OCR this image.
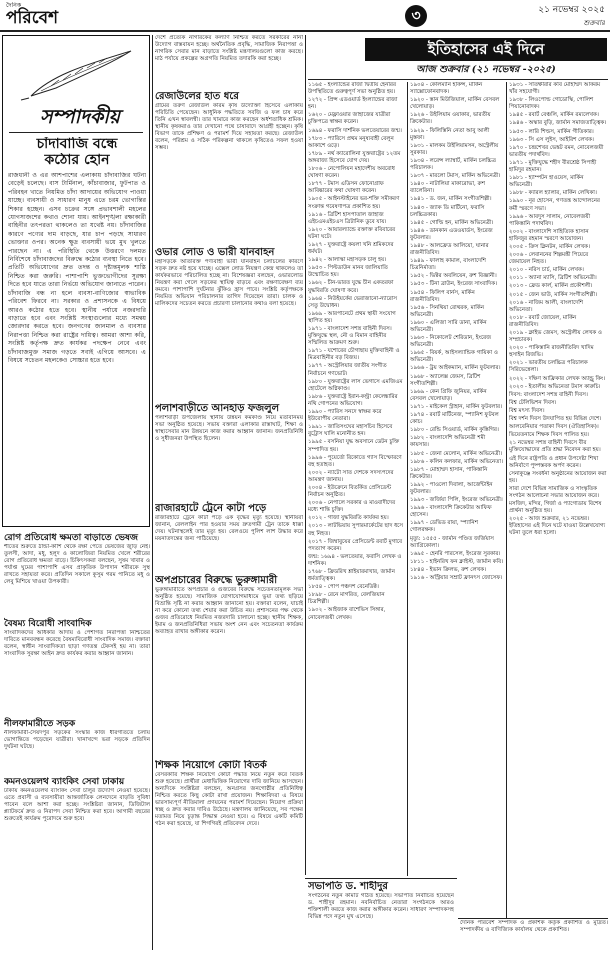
দৈনিক
পরিবেশ	৩	২১ নভেম্বর ২০২৫
শুক্রবার
সম্পাদকীয়
চাঁদাবাজি বন্ধে
কঠোর হোন
রাজধানী ও এর আশপাশের এলাকায় চাঁদাবাজির ঘটনা বেড়েই চলেছে। বাস টার্মিনাল, কাঁচাবাজার, ফুটপাত ও পরিবহন খাতে নিয়মিত চাঁদা আদায়ের অভিযোগ পাওয়া যাচ্ছে। ব্যবসায়ী ও সাধারণ মানুষ এতে চরম ভোগান্তির শিকার হচ্ছেন। এসব চক্রের সঙ্গে প্রভাবশালী মহলের যোগসাজশের কথাও শোনা যায়। আইনশৃঙ্খলা রক্ষাকারী বাহিনীর তৎপরতা থাকলেও তা যথেষ্ট নয়। চাঁদাবাজির কারণে পণ্যের দাম বাড়ছে, যার চাপ পড়ছে সাধারণ ভোক্তার ওপর। অনেক ক্ষুদ্র ব্যবসায়ী ভয়ে মুখ খুলতে পারছেন না। এ পরিস্থিতি থেকে উত্তরণে দলমত নির্বিশেষে চাঁদাবাজদের বিরুদ্ধে কঠোর ব্যবস্থা নিতে হবে। প্রতিটি অভিযোগের দ্রুত তদন্ত ও দৃষ্টান্তমূলক শাস্তি নিশ্চিত করা জরুরি। পাশাপাশি ভুক্তভোগীদের সুরক্ষা দিতে হবে যাতে তারা নির্ভয়ে অভিযোগ জানাতে পারেন। চাঁদাবাজি বন্ধ না হলে ব্যবসা-বাণিজ্যের স্বাভাবিক পরিবেশ ফিরবে না। সরকার ও প্রশাসনকে এ বিষয়ে আরও কঠোর হতে হবে। স্থানীয় পর্যায়ে নজরদারি বাড়াতে হবে এবং সংশ্লিষ্ট সংস্থাগুলোর মধ্যে সমন্বয় জোরদার করতে হবে। জনগণের জানমাল ও ব্যবসার নিরাপত্তা নিশ্চিত করা রাষ্ট্রের দায়িত্ব। আমরা আশা করি, সংশ্লিষ্ট কর্তৃপক্ষ দ্রুত কার্যকর পদক্ষেপ নেবে এবং চাঁদাবাজমুক্ত সমাজ গড়তে সবাই এগিয়ে আসবে। এ বিষয়ে সচেতন মহলকেও সোচ্চার হতে হবে।
রোগ প্রতিরোধ ক্ষমতা বাড়াতে ভেষজ
শীতের শুরুতে ঠান্ডা-কাশি থেকে রক্ষা পেতে ভেষজের জুড়ি নেই। তুলসী, আদা, মধু, হলুদ ও কালোজিরা নিয়মিত খেলে শরীরের রোগ প্রতিরোধ ক্ষমতা বাড়ে। চিকিৎসকরা বলছেন, সুষম খাবার ও পর্যাপ্ত ঘুমের পাশাপাশি এসব প্রাকৃতিক উপাদান শরীরকে সুস্থ রাখতে সহায়তা করে। প্রতিদিন সকালে কুসুম গরম পানিতে মধু ও লেবু মিশিয়ে খাওয়া উপকারী।
বৈষম্য বিরোধী সাংবাদিক
সাংবাদিকদের অধিকার আদায় ও পেশাগত নিরাপত্তা নিশ্চিতের দাবিতে মানববন্ধন করেছে বৈষম্যবিরোধী সাংবাদিক সমাজ। বক্তারা বলেন, স্বাধীন সাংবাদিকতা ছাড়া গণতন্ত্র টেকসই হয় না। তারা সাংবাদিক সুরক্ষা আইন দ্রুত কার্যকর করার আহ্বান জানান।
নীলফামারীতে সড়ক
নীলফামারী-সৈয়দপুর সড়কের সংস্কার কাজ ধীরগতিতে চলায় ভোগান্তিতে পড়েছেন যাত্রীরা। খানাখন্দে ভরা সড়কে প্রতিদিন দুর্ঘটনা ঘটছে।
কমনওয়েলথ ব্যাংকিং সেবা ঢাকায়
ঢাকায় কমনওয়েলথ ব্যাংকিং সেবা চালুর উদ্যোগ নেওয়া হয়েছে। এতে প্রবাসী ও ব্যবসায়ীরা আন্তর্জাতিক লেনদেনে বাড়তি সুবিধা পাবেন বলে আশা করা হচ্ছে। সংশ্লিষ্টরা জানান, ডিজিটাল প্ল্যাটফর্মে দ্রুত ও নিরাপদ সেবা নিশ্চিত করা হবে। আগামী বছরের শুরুতেই কার্যক্রম পুরোদমে শুরু হবে।
দেশে প্রত্যেক নাগরিকের কল্যাণ নিশ্চিত করতে সরকারের নানা উদ্যোগ বাস্তবায়ন হচ্ছে। অর্থনৈতিক প্রবৃদ্ধি, সামাজিক নিরাপত্তা ও নাগরিক সেবার মান বাড়াতে সংশ্লিষ্ট মন্ত্রণালয়গুলো কাজ করছে। মাঠ পর্যায়ে প্রকল্পের অগ্রগতি নিয়মিত তদারকি করা হচ্ছে।
রেজাউলের হাত ধরে
গ্রামের তরুণ রেজাউল করিম কৃষি উদ্যোক্তা হিসেবে এলাকায় পরিচিতি পেয়েছেন। আধুনিক পদ্ধতিতে সবজি ও ফল চাষ করে তিনি এখন স্বাবলম্বী। তার খামারে কাজ করছেন অর্ধশতাধিক শ্রমিক। স্থানীয় কৃষকরাও তার দেখানো পথে চাষাবাদে আগ্রহী হচ্ছেন। কৃষি বিভাগ তাকে প্রশিক্ষণ ও পরামর্শ দিয়ে সহায়তা করছে। রেজাউল বলেন, পরিশ্রম ও সঠিক পরিকল্পনা থাকলে কৃষিতেও সফল হওয়া সম্ভব।
ওভার লোড ও ভারী যানবাহন
মহাসড়কে অতিরিক্ত পণ্যবাহী ভারী যানবাহন চলাচলের কারণে সড়ক দ্রুত নষ্ট হয়ে যাচ্ছে। এক্সেল লোড নিয়ন্ত্রণ কেন্দ্র থাকলেও তা কার্যকরভাবে পরিচালিত হচ্ছে না। বিশেষজ্ঞরা বলছেন, ওভারলোড নিয়ন্ত্রণ করা গেলে সড়কের স্থায়িত্ব বাড়বে এবং রক্ষণাবেক্ষণ ব্যয় কমবে। পাশাপাশি দুর্ঘটনার ঝুঁকিও হ্রাস পাবে। সংশ্লিষ্ট কর্তৃপক্ষকে নিয়মিত অভিযান পরিচালনার তাগিদ দিয়েছেন তারা। চালক ও মালিকদের সচেতন করতে প্রচারণা চালানোর কথাও বলা হয়েছে।
পলাশবাড়ীতে আনহাড় ফজলুল
পলাশবাড়ী উপজেলায় স্থানীয় উন্নয়ন কর্মকাণ্ড নিয়ে মতবিনিময় সভা অনুষ্ঠিত হয়েছে। সভায় বক্তারা এলাকার রাস্তাঘাট, শিক্ষা ও স্বাস্থ্যসেবার মান উন্নয়নে কাজ করার আহ্বান জানান। জনপ্রতিনিধি ও সুধীজনরা উপস্থিত ছিলেন।
রাজারহাটে ট্রেনে কাটা পড়ে
রাজারহাটে ট্রেনে কাটা পড়ে এক বৃদ্ধের মৃত্যু হয়েছে। স্থানীয়রা জানান, রেললাইন পার হওয়ার সময় দ্রুতগামী ট্রেন তাকে ধাক্কা দেয়। ঘটনাস্থলেই তার মৃত্যু হয়। রেলওয়ে পুলিশ লাশ উদ্ধার করে ময়নাতদন্তের জন্য পাঠিয়েছে।
অপপ্রচারের বিরুদ্ধে ভুরুঙ্গামারী
ভুরুঙ্গামারীতে অপপ্রচার ও গুজবের বিরুদ্ধে সচেতনতামূলক সভা অনুষ্ঠিত হয়েছে। সামাজিক যোগাযোগমাধ্যমে ভুয়া তথ্য ছড়িয়ে বিভ্রান্তি সৃষ্টি না করার আহ্বান জানানো হয়। বক্তারা বলেন, যাচাই না করে কোনো তথ্য শেয়ার করা উচিত নয়। প্রশাসনের পক্ষ থেকে গুজব প্রতিরোধে নিয়মিত নজরদারি চালানো হচ্ছে। স্থানীয় শিক্ষক, ইমাম ও জনপ্রতিনিধিরা সভায় অংশ নেন এবং সচেতনতা কার্যক্রম অব্যাহত রাখার অঙ্গীকার করেন।
শিক্ষক নিয়োগে কোটা বিতর্ক
বেসরকারি শিক্ষক নিয়োগে কোটা পদ্ধতি নিয়ে নতুন করে বিতর্ক শুরু হয়েছে। প্রার্থীরা মেধাভিত্তিক নিয়োগের দাবি জানিয়ে আসছেন। অন্যদিকে সংশ্লিষ্টরা বলছেন, অনগ্রসর জনগোষ্ঠীর প্রতিনিধিত্ব নিশ্চিত করতে কিছু কোটা রাখা প্রয়োজন। শিক্ষাবিদরা এ বিষয়ে ভারসাম্যপূর্ণ নীতিমালা প্রণয়নের পরামর্শ দিয়েছেন। নিয়োগ প্রক্রিয়া স্বচ্ছ ও দ্রুত করার দাবিও উঠেছে। মন্ত্রণালয় জানিয়েছে, সব পক্ষের মতামত নিয়ে চূড়ান্ত সিদ্ধান্ত নেওয়া হবে। এ বিষয়ে একটি কমিটি গঠন করা হয়েছে, যা শিগগিরই প্রতিবেদন দেবে।
সভাপতি ড. শাহীদুর
সংগঠনের নতুন কমিটি গঠিত হয়েছে। সভাপতি নির্বাচিত হয়েছেন ড. শাহীদুর রহমান। নবনির্বাচিত নেতারা সংগঠনকে আরও শক্তিশালী করতে কাজ করার অঙ্গীকার করেন। সাধারণ সম্পাদকসহ বিভিন্ন পদে নতুন মুখ এসেছে।
দৈনিক পরিবেশ সম্পাদক ও প্রকাশক কর্তৃক প্রকাশিত ও মুদ্রিত। সম্পাদকীয় ও বাণিজ্যিক কার্যালয় থেকে প্রকাশিত।
ইতিহাসের এই দিনে
আজ শুক্রবার (২১ নভেম্বর -২০২৫)
১১৬৫ - ইংল্যান্ডের রাজা দ্বিতীয় হেনরির উপস্থিতিতে গুরুত্বপূর্ণ সভা অনুষ্ঠিত হয়।
১২৭২ - প্রিন্স এডওয়ার্ড ইংল্যান্ডের রাজা হন।
১৬২০ - মেফ্লাওয়ার জাহাজের যাত্রীরা চুক্তিপত্রে স্বাক্ষর করেন।
১৬৯৪ - ফরাসি দার্শনিক ভলতেয়ারের জন্ম।
১৭৮৩ - প্যারিসে প্রথম মনুষ্যবাহী বেলুন আকাশে ওড়ে।
১৭৮৯ - নর্থ ক্যারোলিনা যুক্তরাষ্ট্রের ১২তম অঙ্গরাজ্য হিসেবে যোগ দেয়।
১৮০৬ - নেপোলিয়ন মহাদেশীয় অবরোধ ঘোষণা করেন।
১৮৭৭ - টমাস এডিসন ফোনোগ্রাফ আবিষ্কারের কথা ঘোষণা করেন।
১৯০৫ - আইনস্টাইনের ভর-শক্তি সমীকরণ সংক্রান্ত গবেষণাপত্র প্রকাশিত হয়।
১৯১৬ - ব্রিটিশ হাসপাতাল জাহাজ এইচএমএইচএস ব্রিটানিক ডুবে যায়।
১৯২০ - আয়ারল্যান্ডে রক্তাক্ত রবিবারের ঘটনা ঘটে।
১৯২৭ - যুক্তরাষ্ট্রে কয়লা খনি শ্রমিকদের ধর্মঘট।
১৯৪২ - আলাস্কা মহাসড়ক চালু হয়।
১৯৫৩ - পিল্টডাউন মানব জালিয়াতি উন্মোচিত হয়।
১৯৬২ - চীন-ভারত যুদ্ধে চীন একতরফা যুদ্ধবিরতি ঘোষণা করে।
১৯৬৪ - নিউইয়র্কের ভেরাজানো-ন্যারোস সেতু উদ্বোধন।
১৯৬৯ - আরপানেটে প্রথম স্থায়ী সংযোগ স্থাপিত হয়।
১৯৭১ - বাংলাদেশ সশস্ত্র বাহিনী দিবস। মুক্তিযুদ্ধে স্থল, নৌ ও বিমান বাহিনীর সম্মিলিত আক্রমণ শুরু।
১৯৭১ - যশোরের চৌগাছায় মুক্তিবাহিনী ও মিত্রবাহিনীর বড় বিজয়।
১৯৭৭ - অস্ট্রেলিয়ার জাতীয় সংগীত নির্বাচনে গণভোট।
১৯৮০ - যুক্তরাষ্ট্রের লাস ভেগাসে এমজিএম হোটেলে অগ্নিকাণ্ড।
১৯৮৬ - যুক্তরাষ্ট্রে ইরান-কন্ট্রা কেলেঙ্কারির নথি গোপনের অভিযোগ।
১৯৯০ - প্যারিস সনদে স্বাক্ষর করে ইউরোপীয় নেতারা।
১৯৯১ - জাতিসংঘের মহাসচিব হিসেবে বুট্রোস ঘালি মনোনীত হন।
১৯৯৫ - বসনিয়া যুদ্ধ অবসানে ডেটন চুক্তি সম্পাদিত হয়।
১৯৯৬ - পুয়ের্তো রিকোতে গ্যাস বিস্ফোরণে বহু হতাহত।
২০০২ - ন্যাটো সাত দেশকে সদস্যপদের আমন্ত্রণ জানায়।
২০০৪ - ইউক্রেনে বিতর্কিত প্রেসিডেন্ট নির্বাচন অনুষ্ঠিত।
২০০৬ - নেপালে সরকার ও মাওবাদীদের মধ্যে শান্তি চুক্তি।
২০১২ - গাজা যুদ্ধবিরতি কার্যকর হয়।
২০১৩ - লাটভিয়ায় সুপারমার্কেটের ছাদ ধসে বহু নিহত।
২০১৭ - জিম্বাবুয়ের প্রেসিডেন্ট রবার্ট মুগাবে পদত্যাগ করেন।
জন্ম: ১৬৯৪ - ভলতেয়ার, ফরাসি লেখক ও দার্শনিক।
১৭৬৮ - ফ্রিডরিখ শ্লাইয়ারমাখার, জার্মান ধর্মতাত্ত্বিক।
১৮৫৪ - পোপ পঞ্চদশ বেনেডিক্ট।
১৮৯৮ - রেনে মাগরিত, বেলজিয়ান চিত্রশিল্পী।
১৯০২ - আইজাক বাশেভিস সিঙ্গার, নোবেলজয়ী লেখক।
১৯০৪ - কোলম্যান হকিন্স, মার্কিন স্যাক্সোফোনবাদক।
১৯২০ - স্তান মিউজিয়াল, মার্কিন বেসবল খেলোয়াড়।
১৯২৬ - উইলিয়াম ওয়াকার, ভারতীয় ক্রিকেটার।
১৯২৯ - ফিলিস্তিনি নেতা আবু আলী মুস্তফা।
১৯৩১ - মালকম উইলিয়ামসন, অস্ট্রেলীয় সুরকার।
১৯৩৪ - লরেন্স ল্যাম্বার্ট, মার্কিন চলচ্চিত্র পরিচালক।
১৯৩৭ - মারলো টমাস, মার্কিন অভিনেত্রী।
১৯৪০ - নাটালিয়া মাকারোভা, রুশ ব্যালেরিনা।
১৯৪১ - ড. জন, মার্কিন সংগীতশিল্পী।
১৯৪৩ - জ্যাক ডি মার্টিনো, ফরাসি চলচ্চিত্রকার।
১৯৪৫ - গোল্ডি হন, মার্কিন অভিনেত্রী।
১৯৪৬ - ডানকান এডওয়ার্ডস, ইংরেজ ফুটবলার।
১৯৪৮ - আলফ্রেড আলিয়ো, ঘানার রাজনীতিবিদ।
১৯৪৯ - ফালাহ কামাল, বাংলাদেশি চিত্রনির্মাতা।
১৯৫২ - ভিক্টর অবলিয়েন, রুশ বিজ্ঞানী।
১৯৫৩ - টিনা ব্রাউন, ইংরেজ সাংবাদিক।
১৯৫৪ - ফিলিপ বার্নস, মার্কিন রাজনীতিবিদ।
১৯৫৬ - সিনথিয়া রোথরক, মার্কিন অভিনেত্রী।
১৯৬০ - এলিজা সারি ডানা, মার্কিন অভিনেত্রী।
১৯৬৩ - নিকোলেট শেরিডান, ইংরেজ অভিনেত্রী।
১৯৬৫ - বিয়র্ক, আইসল্যান্ডিক গায়িকা ও অভিনেত্রী।
১৯৬৬ - ট্রয় আইকম্যান, মার্কিন ফুটবলার।
১৯৬৮ - অ্যালেক্স জেমস, ব্রিটিশ সংগীতশিল্পী।
১৯৬৯ - কেন গ্রিফি জুনিয়র, মার্কিন বেসবল খেলোয়াড়।
১৯৭১ - মাইকেল স্ট্রাহান, মার্কিন ফুটবলার।
১৯৭৪ - রবার্ট মার্টিনেজ, স্প্যানিশ ফুটবল কোচ।
১৯৮০ - রেন্ডি সিওয়ার্ড, মার্কিন কুস্তিগির।
১৯৮২ - বাংলাদেশি অভিনেত্রী শমী কায়সার।
১৯৮৫ - জেনা মেলোন, মার্কিন অভিনেত্রী।
১৯৮৬ - কলিন কলফার, মার্কিন অভিনেতা।
১৯৮৭ - মোহাম্মদ হাসান, পাকিস্তানি ক্রিকেটার।
১৯৯২ - পাওলো দিবালা, আর্জেন্টাইন ফুটবলার।
১৯৯৩ - জর্জিয়া পিলি, ইংরেজ অভিনেত্রী।
১৯৯৬ - বাংলাদেশি ক্রিকেটার আফিফ হোসেন।
১৯৯৭ - ডেভিড রায়া, স্প্যানিশ গোলরক্ষক।
মৃত্যু: ১৫৫৫ - জার্মান পণ্ডিত জর্জিয়াস অ্যাগ্রিকোলা।
১৬৯৫ - হেনরি পারসেল, ইংরেজ সুরকার।
১৮১১ - হাইনরিখ ফন ক্লাইস্ট, জার্মান কবি।
১৮৪৪ - ইভান ক্রিলভ, রুশ লেখক।
১৯১৬ - অস্ট্রিয়ার সম্রাট ফ্রানৎস জোসেফ।
১৯৩১ - সাতক্ষীরার কবি মোহাম্মদ আকরম খাঁর সহযোগী।
১৯৩৮ - লিওপোল্ড গোডোস্কি, পোলিশ পিয়ানোবাদক।
১৯৪৫ - রবার্ট বেঞ্চলি, মার্কিন রম্যলেখক।
১৯৪৬ - অস্কার বুড়ি, জার্মান সমাজতাত্ত্বিক।
১৯৫৩ - লারি শিল্ডস, মার্কিন গীতিকার।
১৯৬৩ - সি এস লুইস, আইরিশ লেখক।
১৯৭০ - চন্দ্রশেখর ভেঙ্কট রমন, নোবেলজয়ী ভারতীয় পদার্থবিদ।
১৯৭১ - মুক্তিযুদ্ধে শহীদ বীরশ্রেষ্ঠ সিপাহী হামিদুর রহমান।
১৯৮১ - হ্যাম্পটন হাওয়েস, মার্কিন অভিনেত্রী।
১৯৮৮ - ক্যারল হ্যালার, মার্কিন লেখিকা।
১৯৯০ - নূর হোসেন, গণতন্ত্র আন্দোলনের কর্মী স্মরণে সভা।
১৯৯৬ - আবদুস সালাম, নোবেলজয়ী পাকিস্তানি পদার্থবিদ।
২০০২ - বাংলাদেশি সাহিত্যিক হাসান হাফিজুর রহমান স্মরণে আয়োজন।
২০০৫ - ক্রিস ক্লিনটন, মার্কিন লেখক।
২০০৬ - লেবাননের শিল্পমন্ত্রী পিয়েরে জেমায়েল নিহত।
২০১০ - নরিস চার্চ, মার্কিন লেখক।
২০১১ - অ্যানা ম্যাসি, ব্রিটিশ অভিনেত্রী।
২০১৩ - ফ্রেড কার্ল, মার্কিন প্রকৌশলী।
২০১৫ - জেন ভাউ, মার্কিন সংগীতশিল্পী।
২০১৬ - নাজিম আলী, বাংলাদেশি অভিনেতা।
২০১৮ - রবার্ট জোয়েল, মার্কিন রাজনীতিবিদ।
২০১৯ - ক্লাইভ জেমস, অস্ট্রেলীয় লেখক ও সম্প্রচারক।
২০২০ - পাকিস্তানি রাজনীতিবিদ খাদিম হুসাইন রিজভি।
২০২১ - ভারতীয় চলচ্চিত্র পরিচালক সিরিভেন্নেলা।
২০২২ - দক্ষিণ আফ্রিকার লেখক অ্যান্ড্রু কিং।
২০২৩ - ইতালীয় অভিনেতা টমাস কারুচি।
দিবস: বাংলাদেশ সশস্ত্র বাহিনী দিবস।
বিশ্ব টেলিভিশন দিবস।
বিশ্ব মৎস্য দিবস।
বিশ্ব দর্শন দিবস উদযাপিত হয় বিভিন্ন দেশে।
আলবেনিয়ার পতাকা দিবস (ঐতিহাসিক)।
ভিয়েতনামে শিক্ষক দিবস পালিত হয়।
২১ নভেম্বর সশস্ত্র বাহিনী দিবসে বীর মুক্তিযোদ্ধাদের প্রতি শ্রদ্ধা নিবেদন করা হয়।
এই দিনে রাষ্ট্রপতি ও প্রধান উপদেষ্টা শিখা অনির্বাণে পুষ্পস্তবক অর্পণ করেন।
সেনাকুঞ্জে সংবর্ধনা অনুষ্ঠানের আয়োজন করা হয়।
সারা দেশে বিভিন্ন সামাজিক ও সাংস্কৃতিক সংগঠন আলোচনা সভার আয়োজন করে।
মসজিদ, মন্দির, গির্জা ও প্যাগোডায় বিশেষ প্রার্থনা অনুষ্ঠিত হয়।
২০২৫ - আজ শুক্রবার, ২১ নভেম্বর। ইতিহাসের এই দিনে ঘটে যাওয়া উল্লেখযোগ্য ঘটনা তুলে ধরা হলো।
